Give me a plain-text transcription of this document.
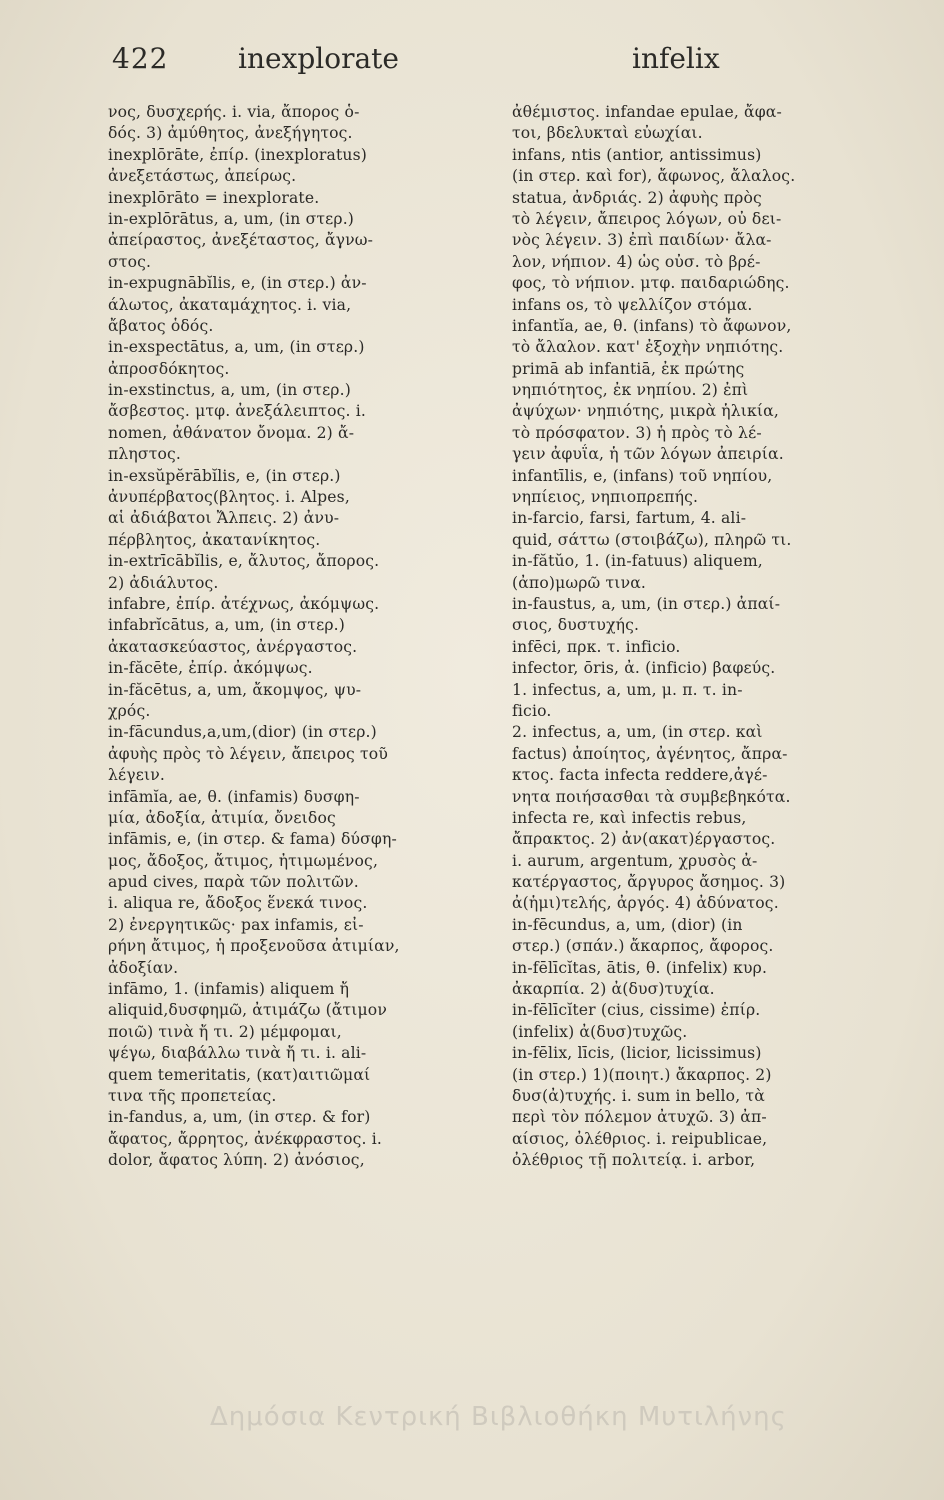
422 inexplorate	infelix
νος, δυσχερής. i. via, ἄπορος ὁ-
δός. 3) ἀμύθητος, ἀνεξήγητος.
inexplōrāte, ἐπίρ. (inexploratus)
ἀνεξετάστως, ἀπείρως.
inexplōrāto = inexplorate.
in-explōrātus, a, um, (in στερ.)
ἀπείραστος, ἀνεξέταστος, ἄγνω-
στος.
in-expugnābĭlis, e, (in στερ.) ἀν-
άλωτος, ἀκαταμάχητος. i. via,
ἄβατος ὁδός.
in-exspectātus, a, um, (in στερ.)
ἀπροσδόκητος.
in-exstinctus, a, um, (in στερ.)
ἄσβεστος. μτφ. ἀνεξάλειπτος. i.
nomen, ἀθάνατον ὄνομα. 2) ἄ-
πληστος.
in-exsŭpĕrābĭlis, e, (in στερ.)
ἀνυπέρβατος(βλητος. i. Alpes,
αἱ ἀδιάβατοι Ἄλπεις. 2) ἀνυ-
πέρβλητος, ἀκατανίκητος.
in-extrīcābĭlis, e, ἄλυτος, ἄπορος.
2) ἀδιάλυτος.
infabre, ἐπίρ. ἀτέχνως, ἀκόμψως.
infabrĭcātus, a, um, (in στερ.)
ἀκατασκεύαστος, ἀνέργαστος.
in-făcēte, ἐπίρ. ἀκόμψως.
in-făcētus, a, um, ἄκομψος, ψυ-
χρός.
in-fācundus,a,um,(dior) (in στερ.)
ἀφυὴς πρὸς τὸ λέγειν, ἄπειρος τοῦ
λέγειν.
infāmĭa, ae, θ. (infamis) δυσφη-
μία, ἀδοξία, ἀτιμία, ὄνειδος
infāmis, e, (in στερ. & fama) δύσφη-
μος, ἄδοξος, ἄτιμος, ἠτιμωμένος,
apud cives, παρὰ τῶν πολιτῶν.
i. aliqua re, ἄδοξος ἕνεκά τινος.
2) ἐνεργητικῶς· pax infamis, εἰ-
ρήνη ἄτιμος, ἡ προξενοῦσα ἀτιμίαν,
ἀδοξίαν.
infāmo, 1. (infamis) aliquem ἤ
aliquid,δυσφημῶ, ἀτιμάζω (ἄτιμον
ποιῶ) τινὰ ἤ τι. 2) μέμφομαι,
ψέγω, διαβάλλω τινὰ ἤ τι. i. ali-
quem temeritatis, (κατ)αιτιῶμαί
τινα τῆς προπετείας.
in-fandus, a, um, (in στερ. & for)
ἄφατος, ἄρρητος, ἀνέκφραστος. i.
dolor, ἄφατος λύπη. 2) ἀνόσιος,
ἀθέμιστος. infandae epulae, ἄφα-
τοι, βδελυκταὶ εὐωχίαι.
infans, ntis (antior, antissimus)
(in στερ. καὶ for), ἄφωνος, ἄλαλος.
statua, ἀνδριάς. 2) ἀφυὴς πρὸς
τὸ λέγειν, ἄπειρος λόγων, οὐ δει-
νὸς λέγειν. 3) ἐπὶ παιδίων· ἄλα-
λον, νήπιον. 4) ὡς οὐσ. τὸ βρέ-
φος, τὸ νήπιον. μτφ. παιδαριώδης.
infans os, τὸ ψελλίζον στόμα.
infantĭa, ae, θ. (infans) τὸ ἄφωνον,
τὸ ἄλαλον. κατ' ἐξοχὴν νηπιότης.
primā ab infantiā, ἐκ πρώτης
νηπιότητος, ἐκ νηπίου. 2) ἐπὶ
ἀψύχων· νηπιότης, μικρὰ ἡλικία,
τὸ πρόσφατον. 3) ἡ πρὸς τὸ λέ-
γειν ἀφυΐα, ἡ τῶν λόγων ἀπειρία.
infantīlis, e, (infans) τοῦ νηπίου,
νηπίειος, νηπιοπρεπής.
in-farcio, farsi, fartum, 4. ali-
quid, σάττω (στοιβάζω), πληρῶ τι.
in-fătŭo, 1. (in-fatuus) aliquem,
(ἀπο)μωρῶ τινα.
in-faustus, a, um, (in στερ.) ἀπαί-
σιος, δυστυχής.
infēci, πρκ. τ. inficio.
infector, ōris, ἀ. (inficio) βαφεύς.
1. infectus, a, um, μ. π. τ. in-
ficio.
2. infectus, a, um, (in στερ. καὶ
factus) ἀποίητος, ἀγένητος, ἄπρα-
κτος. facta infecta reddere,ἀγέ-
νητα ποιήσασθαι τὰ συμβεβηκότα.
infecta re, καὶ infectis rebus,
ἄπρακτος. 2) ἀν(ακατ)έργαστος.
i. aurum, argentum, χρυσὸς ἀ-
κατέργαστος, ἄργυρος ἄσημος. 3)
ἀ(ἡμι)τελής, ἀργός. 4) ἀδύνατος.
in-fēcundus, a, um, (dior) (in
στερ.) (σπάν.) ἄκαρπος, ἄφορος.
in-fēlīcĭtas, ātis, θ. (infelix) κυρ.
ἀκαρπία. 2) ἀ(δυσ)τυχία.
in-fēlīcĭter (cius, cissime) ἐπίρ.
(infelix) ἀ(δυσ)τυχῶς.
in-fēlix, līcis, (licior, licissimus)
(in στερ.) 1)(ποιητ.) ἄκαρπος. 2)
δυσ(ἀ)τυχής. i. sum in bello, τὰ
περὶ τὸν πόλεμον ἀτυχῶ. 3) ἀπ-
αίσιος, ὀλέθριος. i. reipublicae,
ὀλέθριος τῇ πολιτείᾳ. i. arbor,
Δημόσια Κεντρική Βιβλιοθήκη Μυτιλήνης
